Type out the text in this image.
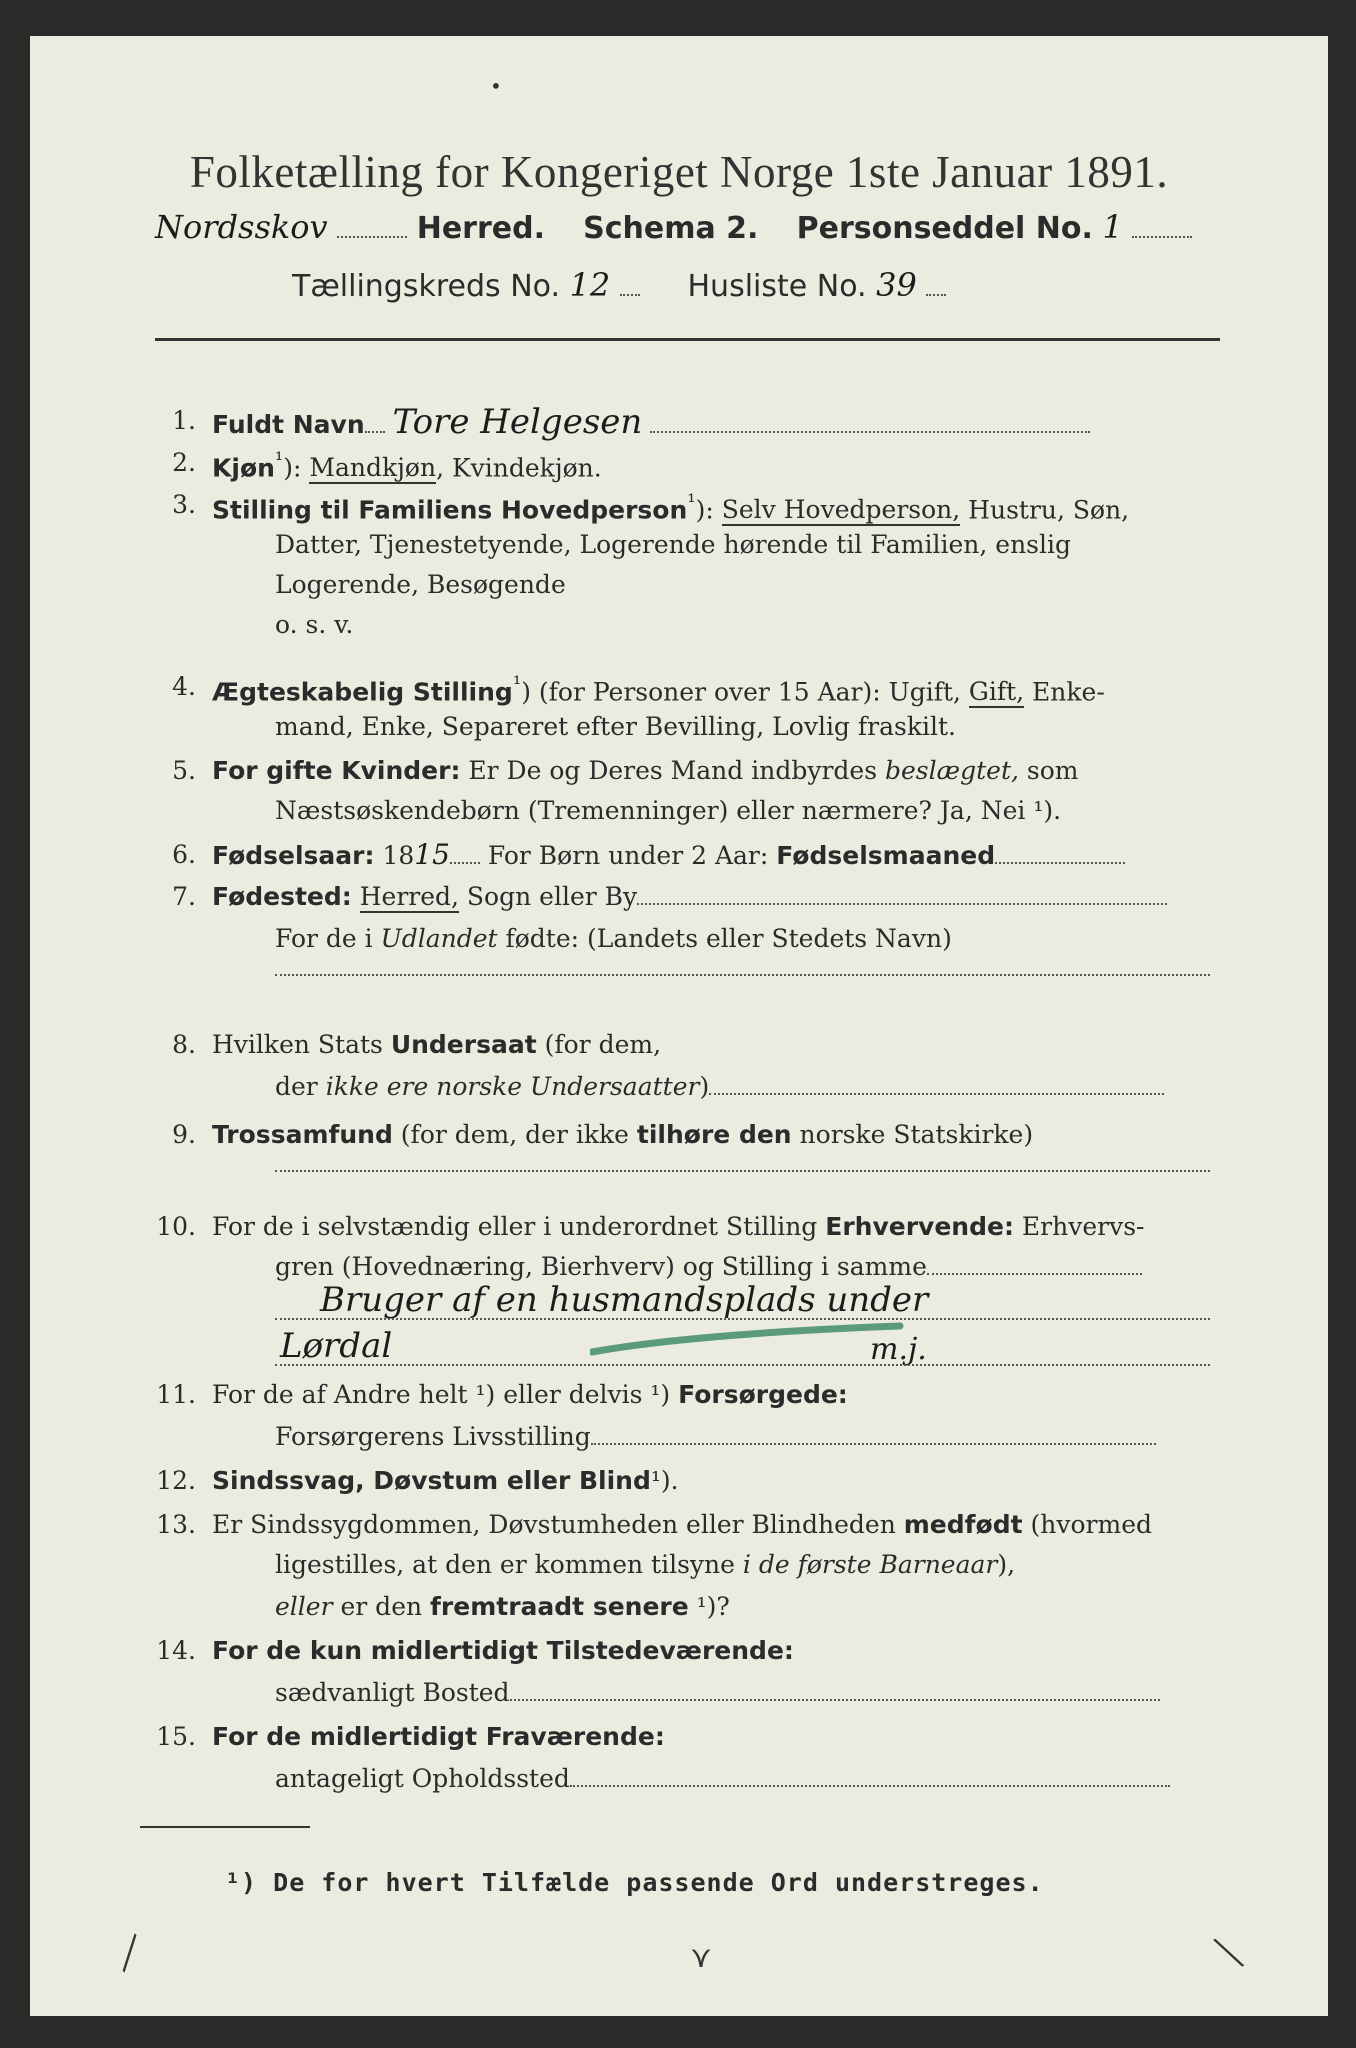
Folketælling for Kongeriget Norge 1ste Januar 1891.
Nordsskov	Herred. Schema 2. Personseddel No. 1
Tællingskreds No. 12	Husliste No. 39
1. Fuldt Navn Tore Helgesen
2. Kjøn$^{^1}$): Mandkjøn, Kvindekjøn.
3. Stilling til Familiens Hovedperson$^{^1}$): Selv Hovedperson, Hustru, Søn,
Datter, Tjenestetyende, Logerende hørende til Familien, enslig
Logerende, Besøgende
o. s. v.
4. Ægteskabelig Stilling$^{^1}$) (for Personer over 15 Aar): Ugift, Gift, Enke-
mand, Enke, Separeret efter Bevilling, Lovlig fraskilt.
5. For gifte Kvinder: Er De og Deres Mand indbyrdes beslægtet, som
Næstsøskendebørn (Tremenninger) eller nærmere? Ja, Nei ¹).
6. Fødselsaar: 1815 For Børn under 2 Aar: Fødselsmaaned
7. Fødested: Herred, Sogn eller By
For de i Udlandet fødte: (Landets eller Stedets Navn)
8. Hvilken Stats Undersaat (for dem,
der ikke ere norske Undersaatter)
9. Trossamfund (for dem, der ikke tilhøre den norske Statskirke)
10. For de i selvstændig eller i underordnet Stilling Erhvervende: Erhvervs-
gren (Hovednæring, Bierhverv) og Stilling i samme
Bruger af en husmandsplads under
Lørdal	m.j.
11. For de af Andre helt ¹) eller delvis ¹) Forsørgede:
Forsørgerens Livsstilling
12. Sindssvag, Døvstum eller Blind¹).
13. Er Sindssygdommen, Døvstumheden eller Blindheden medfødt (hvormed
ligestilles, at den er kommen tilsyne i de første Barneaar),
eller er den fremtraadt senere ¹)?
14. For de kun midlertidigt Tilstedeværende:
sædvanligt Bosted
15. For de midlertidigt Fraværende:
antageligt Opholdssted
¹) De for hvert Tilfælde passende Ord understreges.
╲	⋎	╲
•
